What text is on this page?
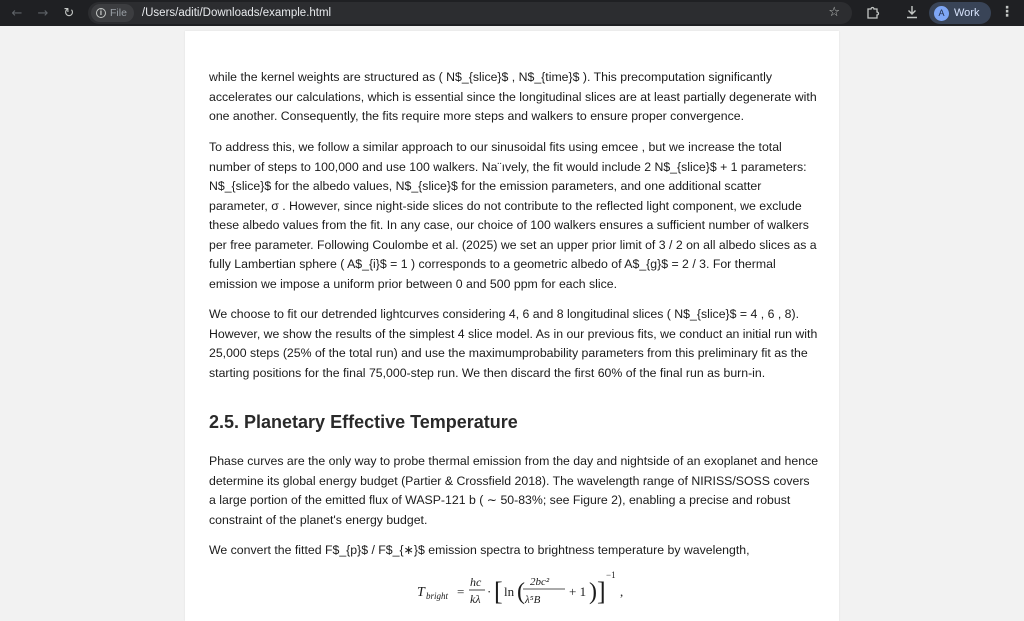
←	→	↻	i File /Users/aditi/Downloads/example.html	☆	A Work ⋮

while the kernel weights are structured as ( N$_{slice}$ , N$_{time}$ ). This precomputation significantly accelerates our calculations, which is essential since the longitudinal slices are at least partially degenerate with one another. Consequently, the fits require more steps and walkers to ensure proper convergence.

To address this, we follow a similar approach to our sinusoidal fits using emcee , but we increase the total number of steps to 100,000 and use 100 walkers. Na¨ıvely, the fit would include 2 N$_{slice}$ + 1 parameters: N$_{slice}$ for the albedo values, N$_{slice}$ for the emission parameters, and one additional scatter parameter, σ . However, since night-side slices do not contribute to the reflected light component, we exclude these albedo values from the fit. In any case, our choice of 100 walkers ensures a sufficient number of walkers per free parameter. Following Coulombe et al. (2025) we set an upper prior limit of 3 / 2 on all albedo slices as a fully Lambertian sphere ( A$_{i}$ = 1 ) corresponds to a geometric albedo of A$_{g}$ = 2 / 3. For thermal emission we impose a uniform prior between 0 and 500 ppm for each slice.

We choose to fit our detrended lightcurves considering 4, 6 and 8 longitudinal slices ( N$_{slice}$ = 4 , 6 , 8). However, we show the results of the simplest 4 slice model. As in our previous fits, we conduct an initial run with 25,000 steps (25% of the total run) and use the maximumprobability parameters from this preliminary fit as the starting positions for the final 75,000-step run. We then discard the first 60% of the final run as burn-in.

2.5. Planetary Effective Temperature

Phase curves are the only way to probe thermal emission from the day and nightside of an exoplanet and hence determine its global energy budget (Partier & Crossfield 2018). The wavelength range of NIRISS/SOSS covers a large portion of the emitted flux of WASP-121 b ( ∼ 50-83%; see Figure 2), enabling a precise and robust constraint of the planet's energy budget.

We convert the fitted F$_{p}$ / F$_{∗}$ emission spectra to brightness temperature by wavelength,

T bright =
hc
kλ · [ ln ( 2bc²
λ⁵B
+ 1 ) ]
−1
,
